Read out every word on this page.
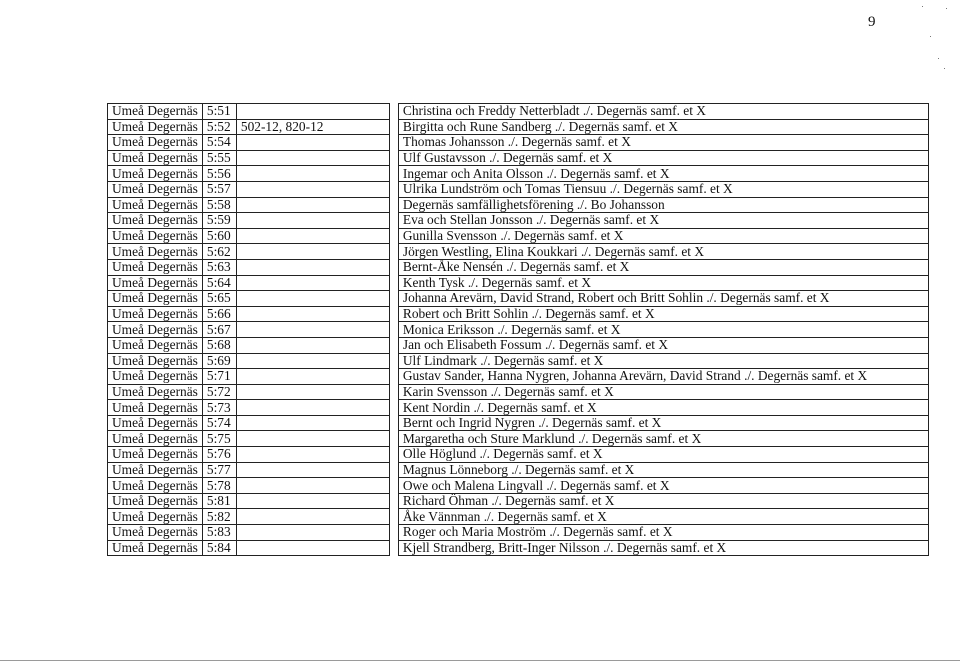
9
Umeå Degernäs	5:51			Christina och Freddy Netterbladt ./. Degernäs samf. et X
Umeå Degernäs	5:52	502-12, 820-12		Birgitta och Rune Sandberg ./. Degernäs samf. et X
Umeå Degernäs	5:54			Thomas Johansson ./. Degernäs samf. et X
Umeå Degernäs	5:55			Ulf Gustavsson ./. Degernäs samf. et X
Umeå Degernäs	5:56			Ingemar och Anita Olsson ./. Degernäs samf. et X
Umeå Degernäs	5:57			Ulrika Lundström och Tomas Tiensuu ./. Degernäs samf. et X
Umeå Degernäs	5:58			Degernäs samfällighetsförening ./. Bo Johansson
Umeå Degernäs	5:59			Eva och Stellan Jonsson ./. Degernäs samf. et X
Umeå Degernäs	5:60			Gunilla Svensson ./. Degernäs samf. et X
Umeå Degernäs	5:62			Jörgen Westling, Elina Koukkari ./. Degernäs samf. et X
Umeå Degernäs	5:63			Bernt-Åke Nensén ./. Degernäs samf. et X
Umeå Degernäs	5:64			Kenth Tysk ./. Degernäs samf. et X
Umeå Degernäs	5:65			Johanna Arevärn, David Strand, Robert och Britt Sohlin ./. Degernäs samf. et X
Umeå Degernäs	5:66			Robert och Britt Sohlin ./. Degernäs samf. et X
Umeå Degernäs	5:67			Monica Eriksson ./. Degernäs samf. et X
Umeå Degernäs	5:68			Jan och Elisabeth Fossum ./. Degernäs samf. et X
Umeå Degernäs	5:69			Ulf Lindmark ./. Degernäs samf. et X
Umeå Degernäs	5:71			Gustav Sander, Hanna Nygren, Johanna Arevärn, David Strand ./. Degernäs samf. et X
Umeå Degernäs	5:72			Karin Svensson ./. Degernäs samf. et X
Umeå Degernäs	5:73			Kent Nordin ./. Degernäs samf. et X
Umeå Degernäs	5:74			Bernt och Ingrid Nygren ./. Degernäs samf. et X
Umeå Degernäs	5:75			Margaretha och Sture Marklund ./. Degernäs samf. et X
Umeå Degernäs	5:76			Olle Höglund ./. Degernäs samf. et X
Umeå Degernäs	5:77			Magnus Lönneborg ./. Degernäs samf. et X
Umeå Degernäs	5:78			Owe och Malena Lingvall ./. Degernäs samf. et X
Umeå Degernäs	5:81			Richard Öhman ./. Degernäs samf. et X
Umeå Degernäs	5:82			Åke Vännman ./. Degernäs samf. et X
Umeå Degernäs	5:83			Roger och Maria Moström ./. Degernäs samf. et X
Umeå Degernäs	5:84			Kjell Strandberg, Britt-Inger Nilsson ./. Degernäs samf. et X
